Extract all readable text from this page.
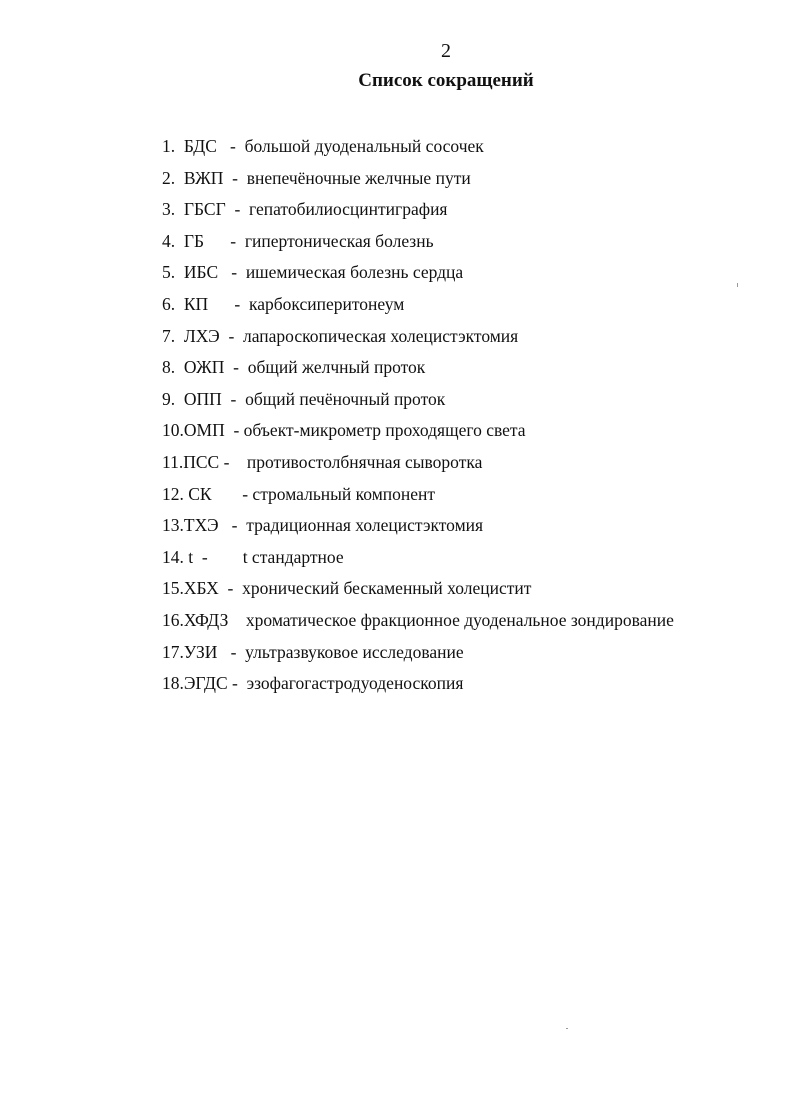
2
Список сокращений
1.  БДС   -  большой дуоденальный сосочек
2.  ВЖП  -  внепечёночные желчные пути
3.  ГБСГ  -  гепатобилиосцинтиграфия
4.  ГБ      -  гипертоническая болезнь
5.  ИБС   -  ишемическая болезнь сердца
6.  КП      -  карбоксиперитонеум
7.  ЛХЭ  -  лапароскопическая холецистэктомия
8.  ОЖП  -  общий желчный проток
9.  ОПП  -  общий печёночный проток
10.ОМП  - объект-микрометр проходящего света
11.ПСС -    противостолбнячная сыворотка
12. СК       - стромальный компонент
13.ТХЭ   -  традиционная холецистэктомия
14. t  -        t стандартное
15.ХБХ  -  хронический бескаменный холецистит
16.ХФДЗ    хроматическое фракционное дуоденальное зондирование
17.УЗИ   -  ультразвуковое исследование
18.ЭГДС -  эзофагогастродуоденоскопия
